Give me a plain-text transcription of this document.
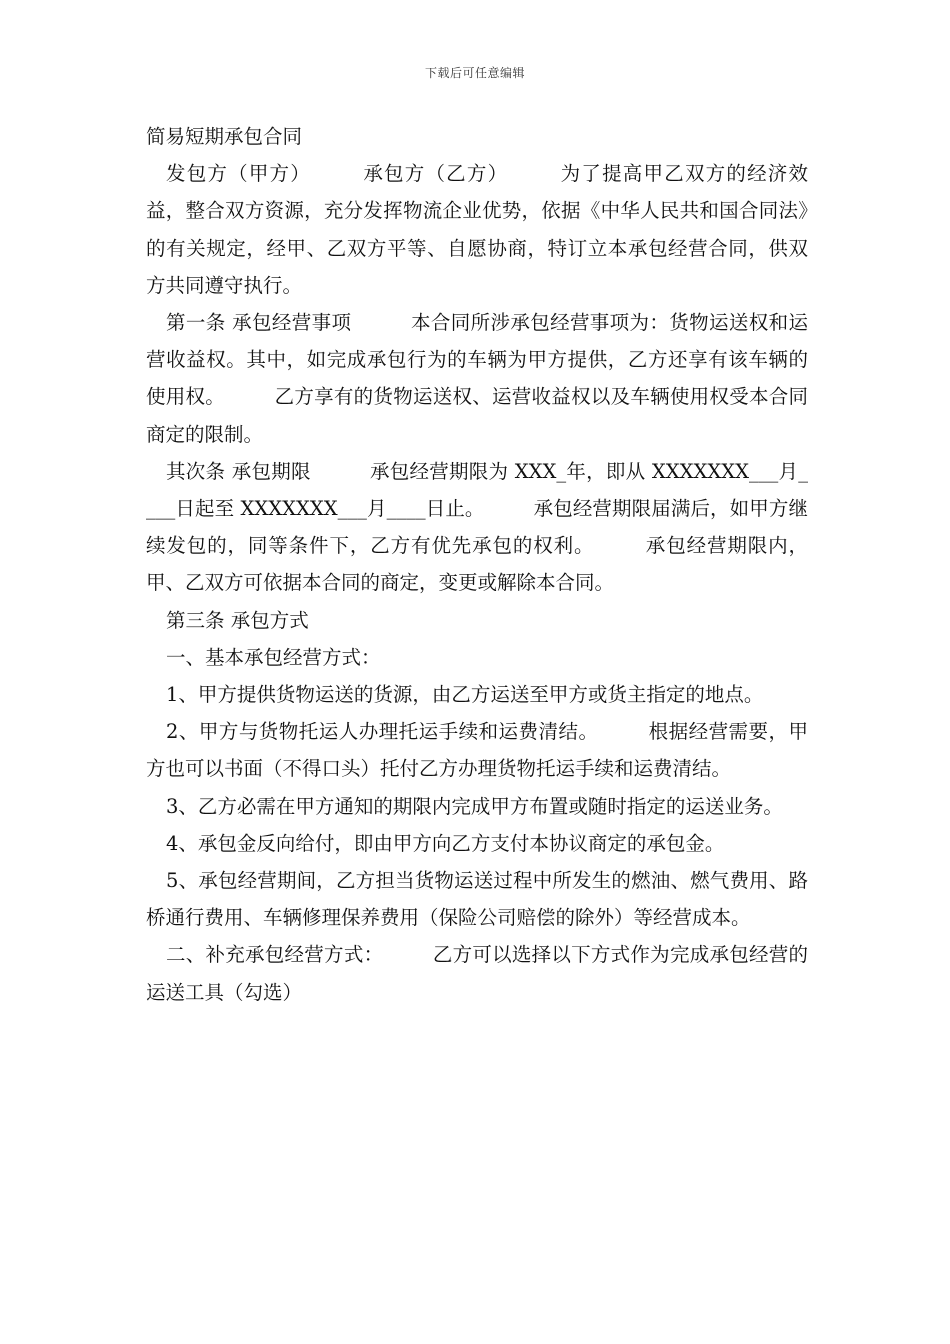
下载后可任意编辑
简易短期承包合同

发包方（甲方）　　　承包方（乙方）　　　为了提高甲乙双方的经济效益，整合双方资源，充分发挥物流企业优势，依据《中华人民共和国合同法》的有关规定，经甲、乙双方平等、自愿协商，特订立本承包经营合同，供双方共同遵守执行。

第一条 承包经营事项　　　本合同所涉承包经营事项为：货物运送权和运营收益权。其中，如完成承包行为的车辆为甲方提供，乙方还享有该车辆的使用权。　　　乙方享有的货物运送权、运营收益权以及车辆使用权受本合同商定的限制。

其次条 承包期限　　　承包经营期限为 XXX_年，即从 XXXXXXX___月____日起至 XXXXXXX___月____日止。　　　承包经营期限届满后，如甲方继续发包的，同等条件下，乙方有优先承包的权利。　　　承包经营期限内，甲、乙双方可依据本合同的商定，变更或解除本合同。

第三条 承包方式

一、基本承包经营方式：

1、甲方提供货物运送的货源，由乙方运送至甲方或货主指定的地点。

2、甲方与货物托运人办理托运手续和运费清结。　　　根据经营需要，甲方也可以书面（不得口头）托付乙方办理货物托运手续和运费清结。

3、乙方必需在甲方通知的期限内完成甲方布置或随时指定的运送业务。

4、承包金反向给付，即由甲方向乙方支付本协议商定的承包金。

5、承包经营期间，乙方担当货物运送过程中所发生的燃油、燃气费用、路桥通行费用、车辆修理保养费用（保险公司赔偿的除外）等经营成本。

二、补充承包经营方式：　　　乙方可以选择以下方式作为完成承包经营的运送工具（勾选）
